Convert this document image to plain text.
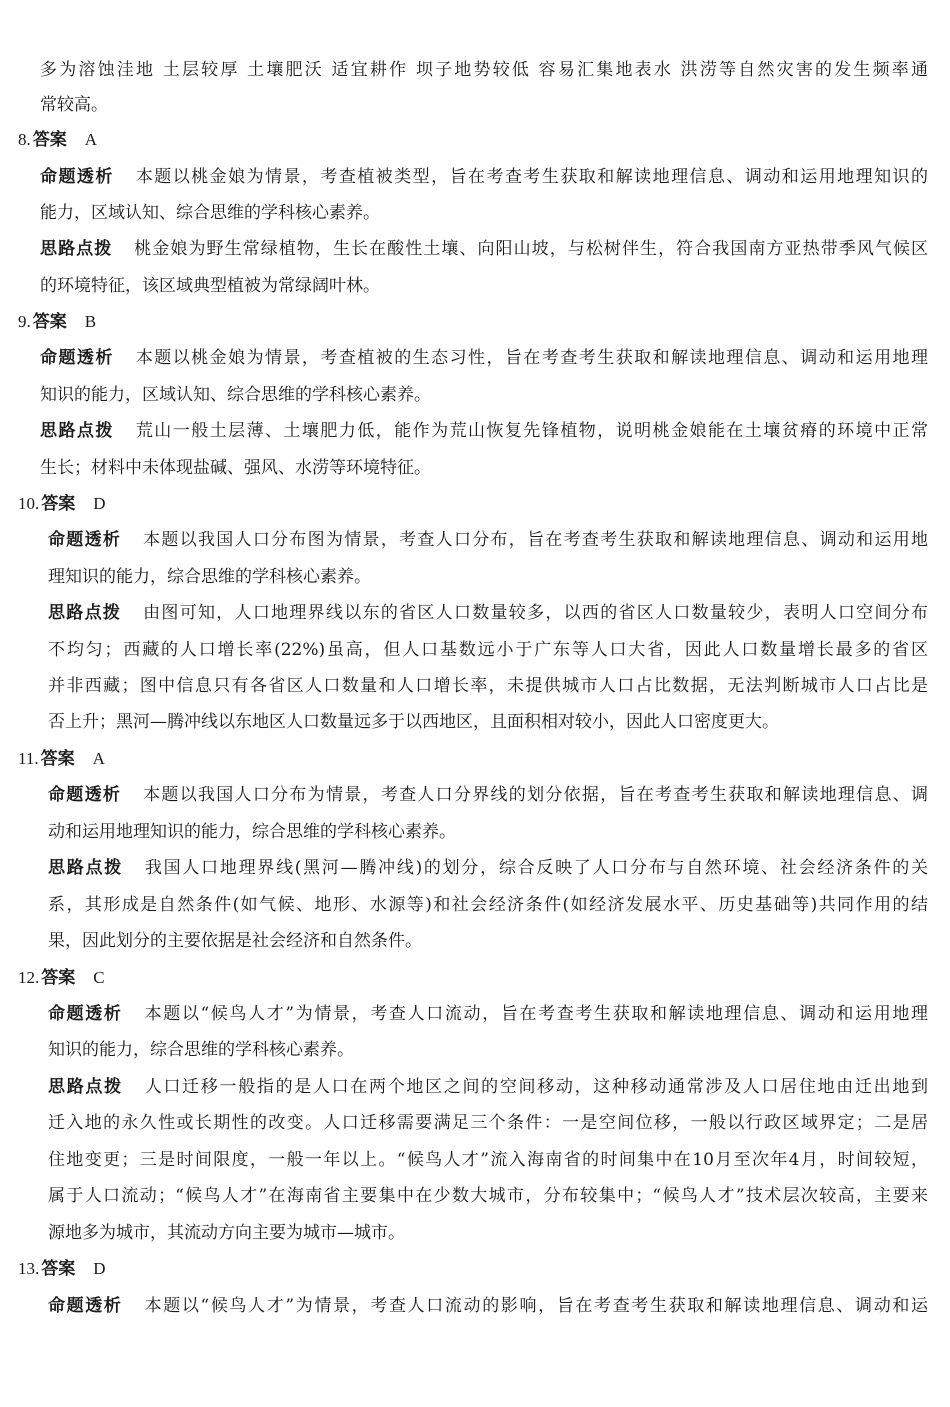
多为溶蚀洼地 土层较厚 土壤肥沃 适宜耕作 坝子地势较低 容易汇集地表水 洪涝等自然灾害的发生频率通
常较高。
8. 答案 A
命题透析 本题以桃金娘为情景，考查植被类型，旨在考查考生获取和解读地理信息、调动和运用地理知识的
能力，区域认知、综合思维的学科核心素养。
思路点拨 桃金娘为野生常绿植物，生长在酸性土壤、向阳山坡，与松树伴生，符合我国南方亚热带季风气候区
的环境特征，该区域典型植被为常绿阔叶林。
9. 答案 B
命题透析 本题以桃金娘为情景，考查植被的生态习性，旨在考查考生获取和解读地理信息、调动和运用地理
知识的能力，区域认知、综合思维的学科核心素养。
思路点拨 荒山一般土层薄、土壤肥力低，能作为荒山恢复先锋植物，说明桃金娘能在土壤贫瘠的环境中正常
生长；材料中未体现盐碱、强风、水涝等环境特征。
10. 答案 D
命题透析 本题以我国人口分布图为情景，考查人口分布，旨在考查考生获取和解读地理信息、调动和运用地
理知识的能力，综合思维的学科核心素养。
思路点拨 由图可知，人口地理界线以东的省区人口数量较多，以西的省区人口数量较少，表明人口空间分布
不均匀；西藏的人口增长率(22%)虽高，但人口基数远小于广东等人口大省，因此人口数量增长最多的省区
并非西藏；图中信息只有各省区人口数量和人口增长率，未提供城市人口占比数据，无法判断城市人口占比是
否上升；黑河—腾冲线以东地区人口数量远多于以西地区，且面积相对较小，因此人口密度更大。
11. 答案 A
命题透析 本题以我国人口分布为情景，考查人口分界线的划分依据，旨在考查考生获取和解读地理信息、调
动和运用地理知识的能力，综合思维的学科核心素养。
思路点拨 我国人口地理界线(黑河—腾冲线)的划分，综合反映了人口分布与自然环境、社会经济条件的关
系，其形成是自然条件(如气候、地形、水源等)和社会经济条件(如经济发展水平、历史基础等)共同作用的结
果，因此划分的主要依据是社会经济和自然条件。
12. 答案 C
命题透析 本题以“候鸟人才”为情景，考查人口流动，旨在考查考生获取和解读地理信息、调动和运用地理
知识的能力，综合思维的学科核心素养。
思路点拨 人口迁移一般指的是人口在两个地区之间的空间移动，这种移动通常涉及人口居住地由迁出地到
迁入地的永久性或长期性的改变。人口迁移需要满足三个条件：一是空间位移，一般以行政区域界定；二是居
住地变更；三是时间限度，一般一年以上。“候鸟人才”流入海南省的时间集中在10月至次年4月，时间较短，
属于人口流动；“候鸟人才”在海南省主要集中在少数大城市，分布较集中；“候鸟人才”技术层次较高，主要来
源地多为城市，其流动方向主要为城市—城市。
13. 答案 D
命题透析 本题以“候鸟人才”为情景，考查人口流动的影响，旨在考查考生获取和解读地理信息、调动和运
